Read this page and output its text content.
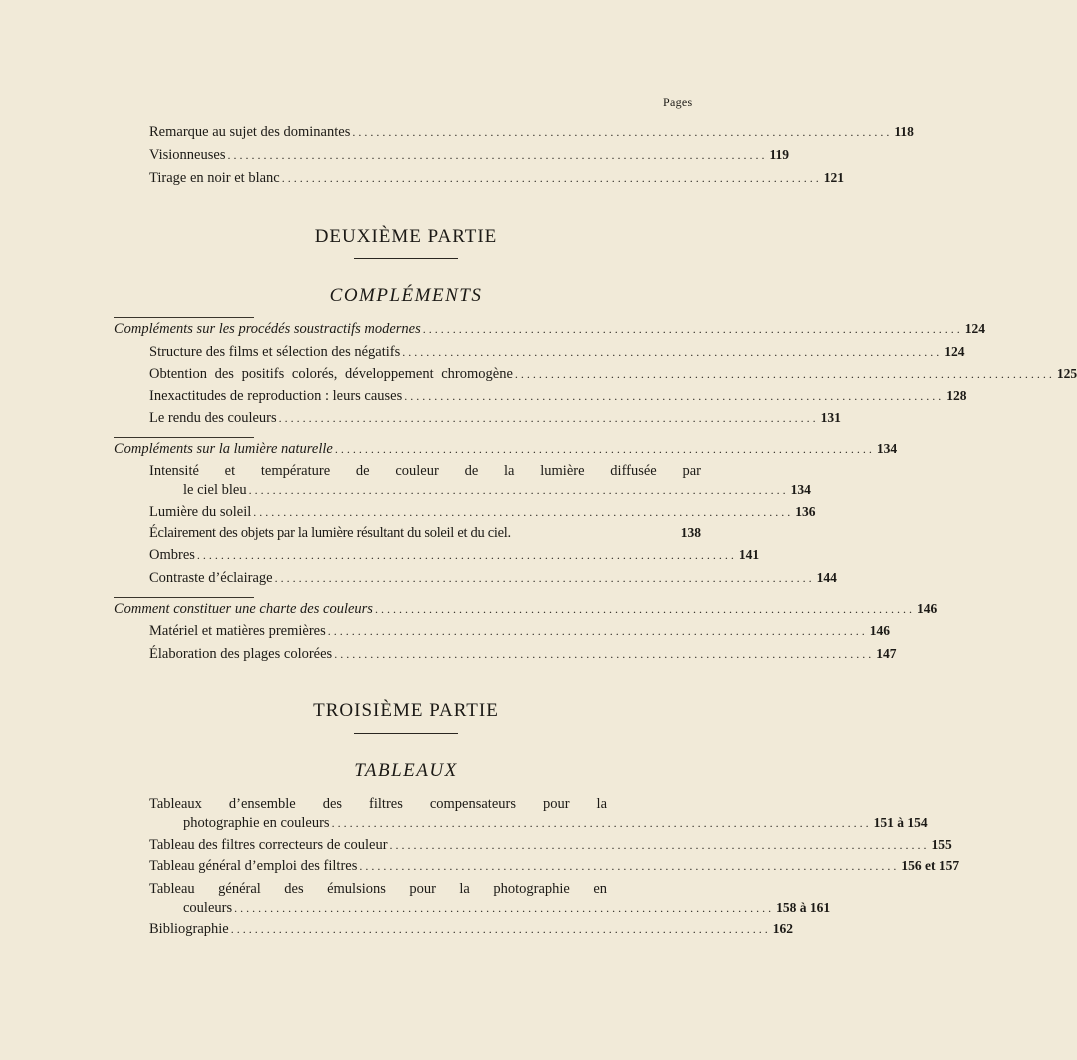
Pages
Remarque au sujet des dominantes .......................................................................................... 118
Visionneuses .......................................................................................... 119
Tirage en noir et blanc .......................................................................................... 121
DEUXIÈME PARTIE
COMPLÉMENTS
Compléments sur les procédés soustractifs modernes .......................................................................................... 124
Structure des films et sélection des négatifs .......................................................................................... 124
Obtention des positifs colorés, développement chromogène .......................................................................................... 125
Inexactitudes de reproduction : leurs causes .......................................................................................... 128
Le rendu des couleurs .......................................................................................... 131
Compléments sur la lumière naturelle .......................................................................................... 134
Intensité et température de couleur de la lumière diffusée par
le ciel bleu .......................................................................................... 134
Lumière du soleil .......................................................................................... 136
Éclairement des objets par la lumière résultant du soleil et du ciel.	138
Ombres .......................................................................................... 141
Contraste d’éclairage .......................................................................................... 144
Comment constituer une charte des couleurs .......................................................................................... 146
Matériel et matières premières .......................................................................................... 146
Élaboration des plages colorées .......................................................................................... 147
TROISIÈME PARTIE
TABLEAUX
Tableaux d’ensemble des filtres compensateurs pour la
photographie en couleurs .......................................................................................... 151 à 154
Tableau des filtres correcteurs de couleur .......................................................................................... 155
Tableau général d’emploi des filtres .......................................................................................... 156 et 157
Tableau général des émulsions pour la photographie en
couleurs .......................................................................................... 158 à 161
Bibliographie .......................................................................................... 162
